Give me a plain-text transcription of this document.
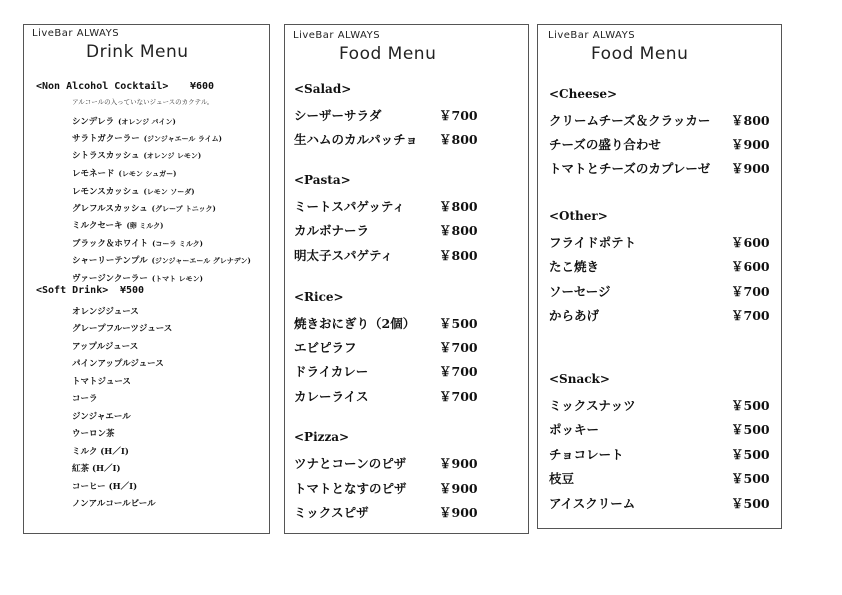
LiveBar ALWAYS
Drink Menu
<Non Alcohol Cocktail> ¥600
アルコールの入っていないジュースのカクテル。
シンデレラ (オレンジ パイン)
サラトガクーラー (ジンジャエール ライム)
シトラスカッシュ (オレンジ レモン)
レモネード (レモン シュガー)
レモンスカッシュ (レモン ソーダ)
グレフルスカッシュ (グレープ トニック)
ミルクセーキ (卵 ミルク)
ブラック＆ホワイト (コーラ ミルク)
シャーリーテンプル (ジンジャーエール グレナデン)
ヴァージンクーラー (トマト レモン)
<Soft Drink> ¥500
オレンジジュース
グレープフルーツジュース
アップルジュース
パインアップルジュース
トマトジュース
コーラ
ジンジャエール
ウーロン茶
ミルク (H／I)
紅茶 (H／I)
コーヒー (H／I)
ノンアルコールビール
LiveBar ALWAYS
Food Menu
<Salad>
シーザーサラダ	￥700
生ハムのカルパッチョ ￥800
<Pasta>
ミートスパゲッティ	￥800
カルボナーラ	￥800
明太子スパゲティ	￥800
<Rice>
焼きおにぎり（2個） ￥500
エビピラフ	￥700
ドライカレー	￥700
カレーライス	￥700
<Pizza>
ツナとコーンのピザ	￥900
トマトとなすのピザ	￥900
ミックスピザ	￥900
LiveBar ALWAYS
Food Menu
<Cheese>
クリームチーズ＆クラッカー ￥800
チーズの盛り合わせ	￥900
トマトとチーズのカプレーゼ ￥900
<Other>
フライドポテト	￥600
たこ焼き	￥600
ソーセージ	￥700
からあげ	￥700
<Snack>
ミックスナッツ	￥500
ポッキー	￥500
チョコレート	￥500
枝豆	￥500
アイスクリーム	￥500
